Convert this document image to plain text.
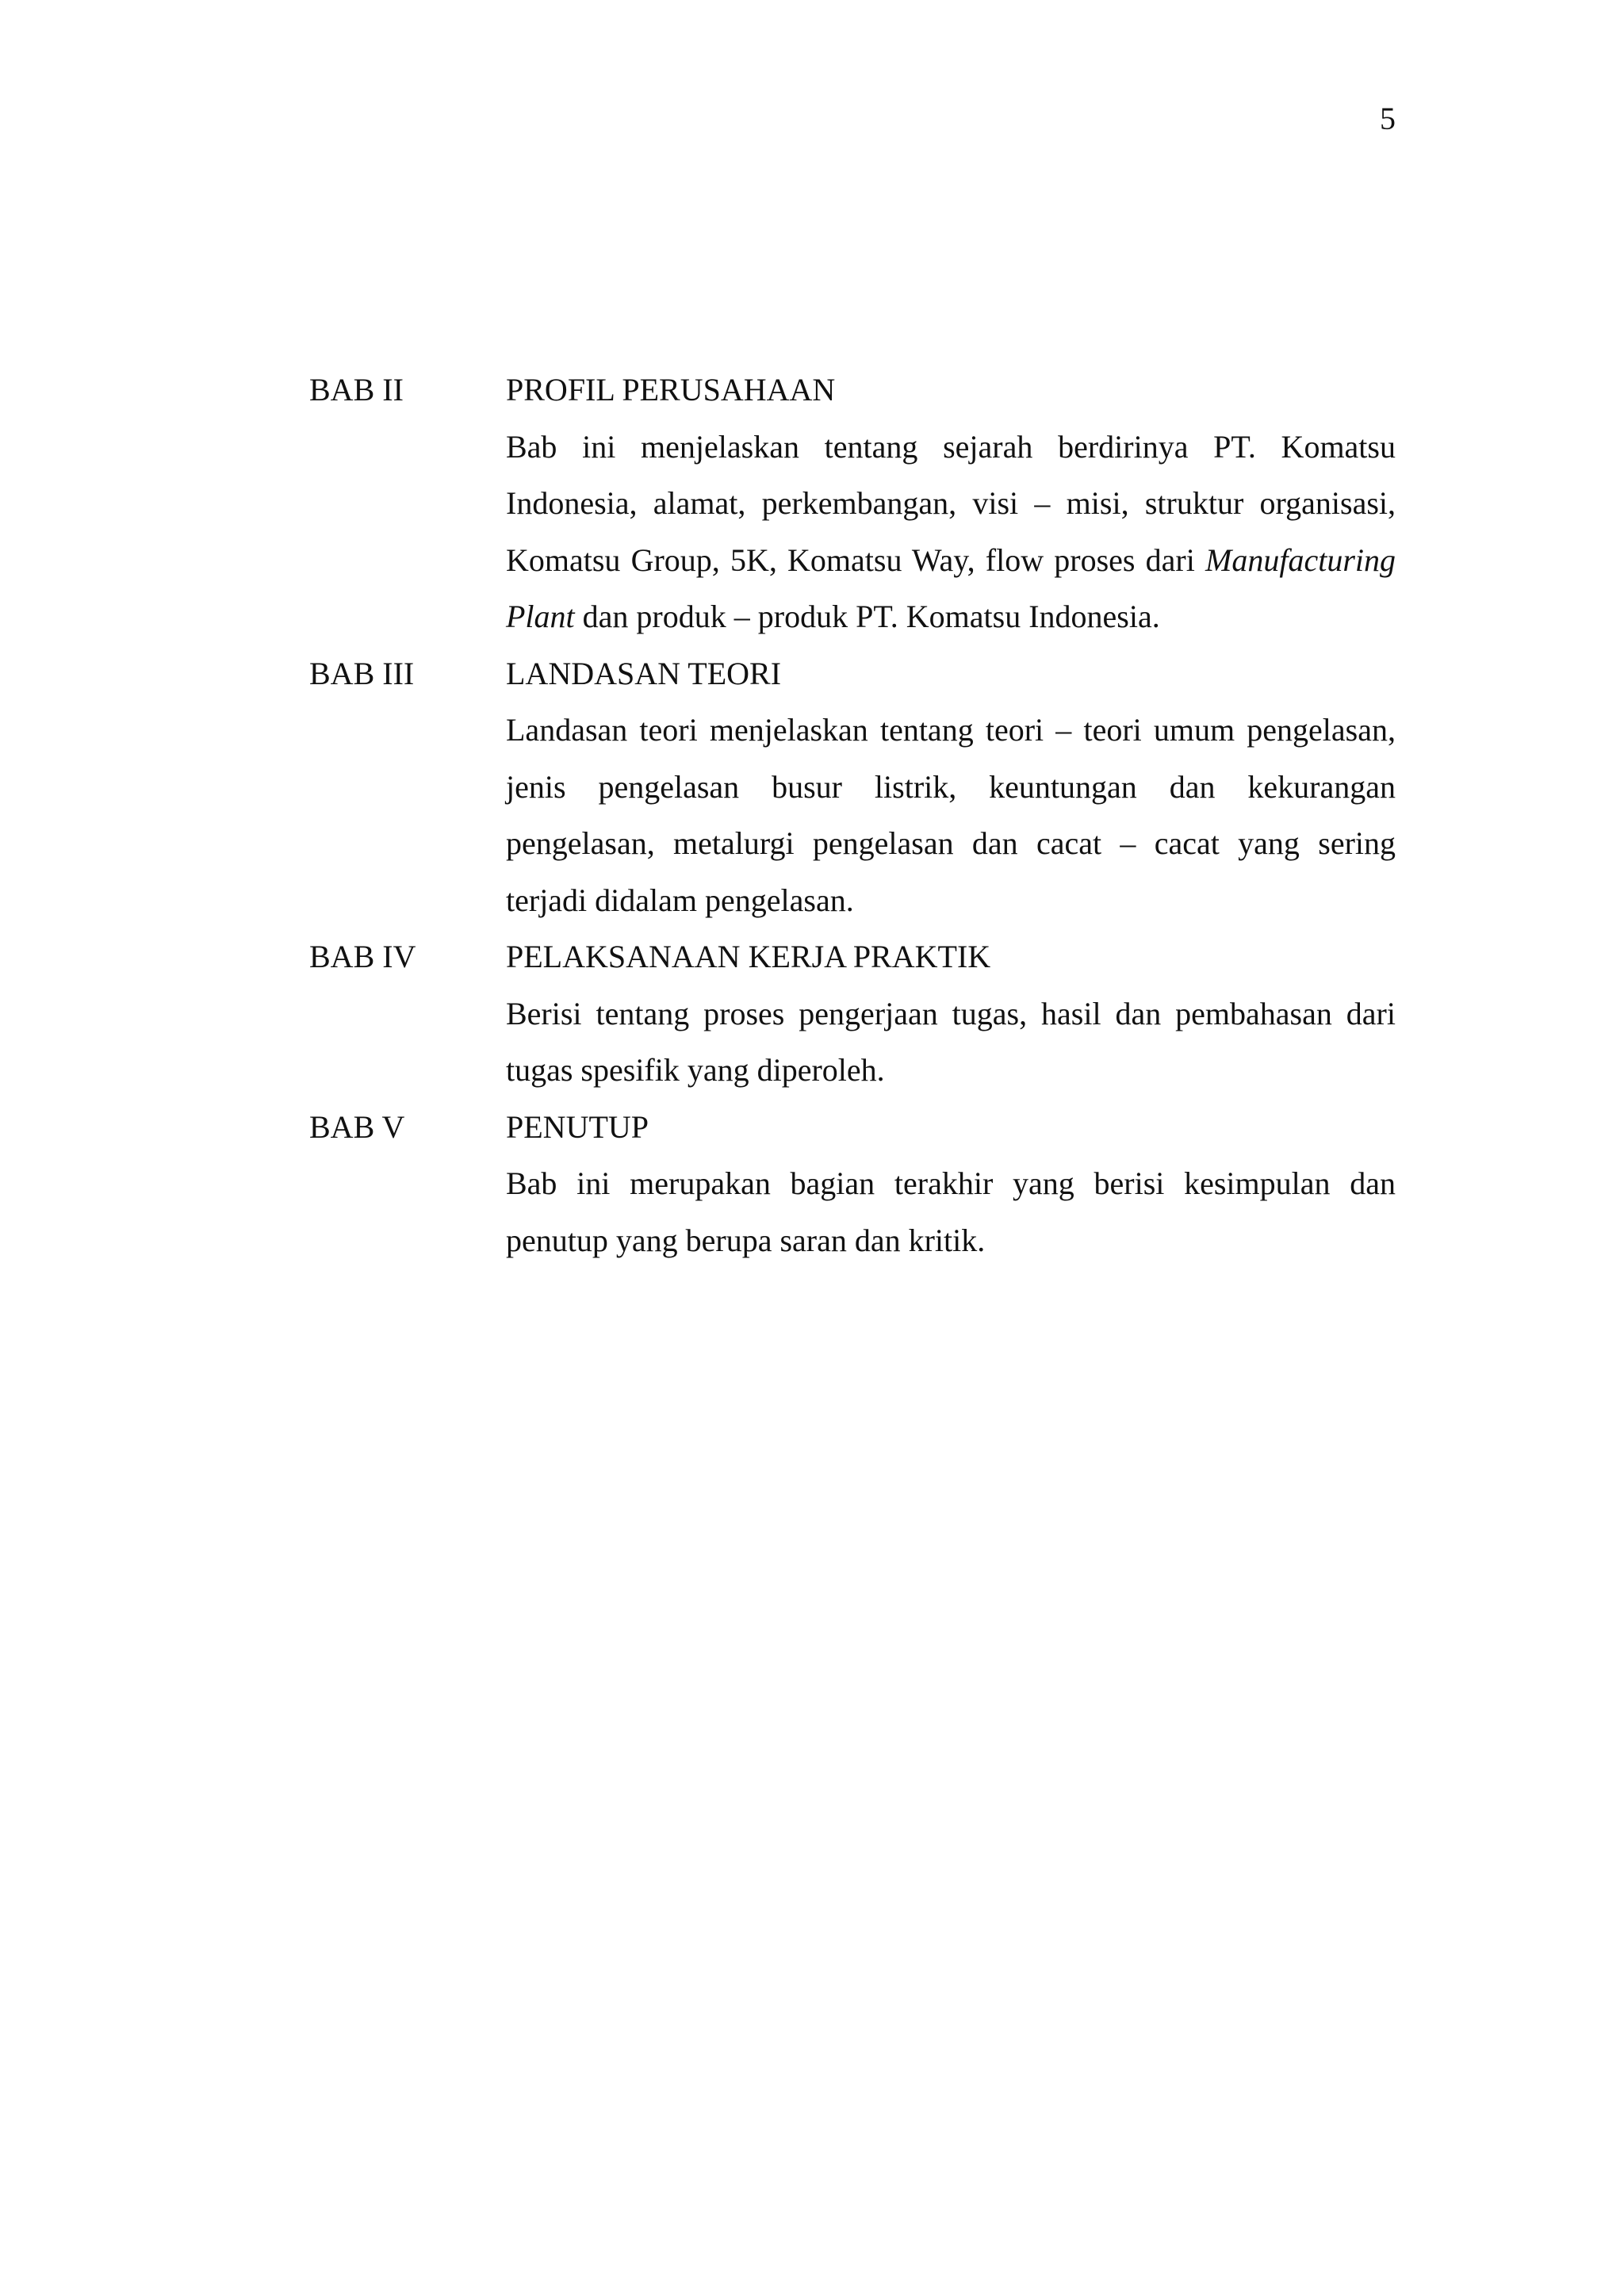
5
BAB II	PROFIL PERUSAHAAN
Bab ini menjelaskan tentang sejarah berdirinya PT. Komatsu Indonesia, alamat, perkembangan, visi – misi, struktur organisasi, Komatsu Group, 5K, Komatsu Way, flow proses dari Manufacturing Plant dan produk – produk PT. Komatsu Indonesia.
BAB III	LANDASAN TEORI
Landasan teori menjelaskan tentang teori – teori umum pengelasan, jenis pengelasan busur listrik, keuntungan dan kekurangan pengelasan, metalurgi pengelasan dan cacat – cacat yang sering terjadi didalam pengelasan.
BAB IV	PELAKSANAAN KERJA PRAKTIK
Berisi tentang proses pengerjaan tugas, hasil dan pembahasan dari tugas spesifik yang diperoleh.
BAB V	PENUTUP
Bab ini merupakan bagian terakhir yang berisi kesimpulan dan penutup yang berupa saran dan kritik.
